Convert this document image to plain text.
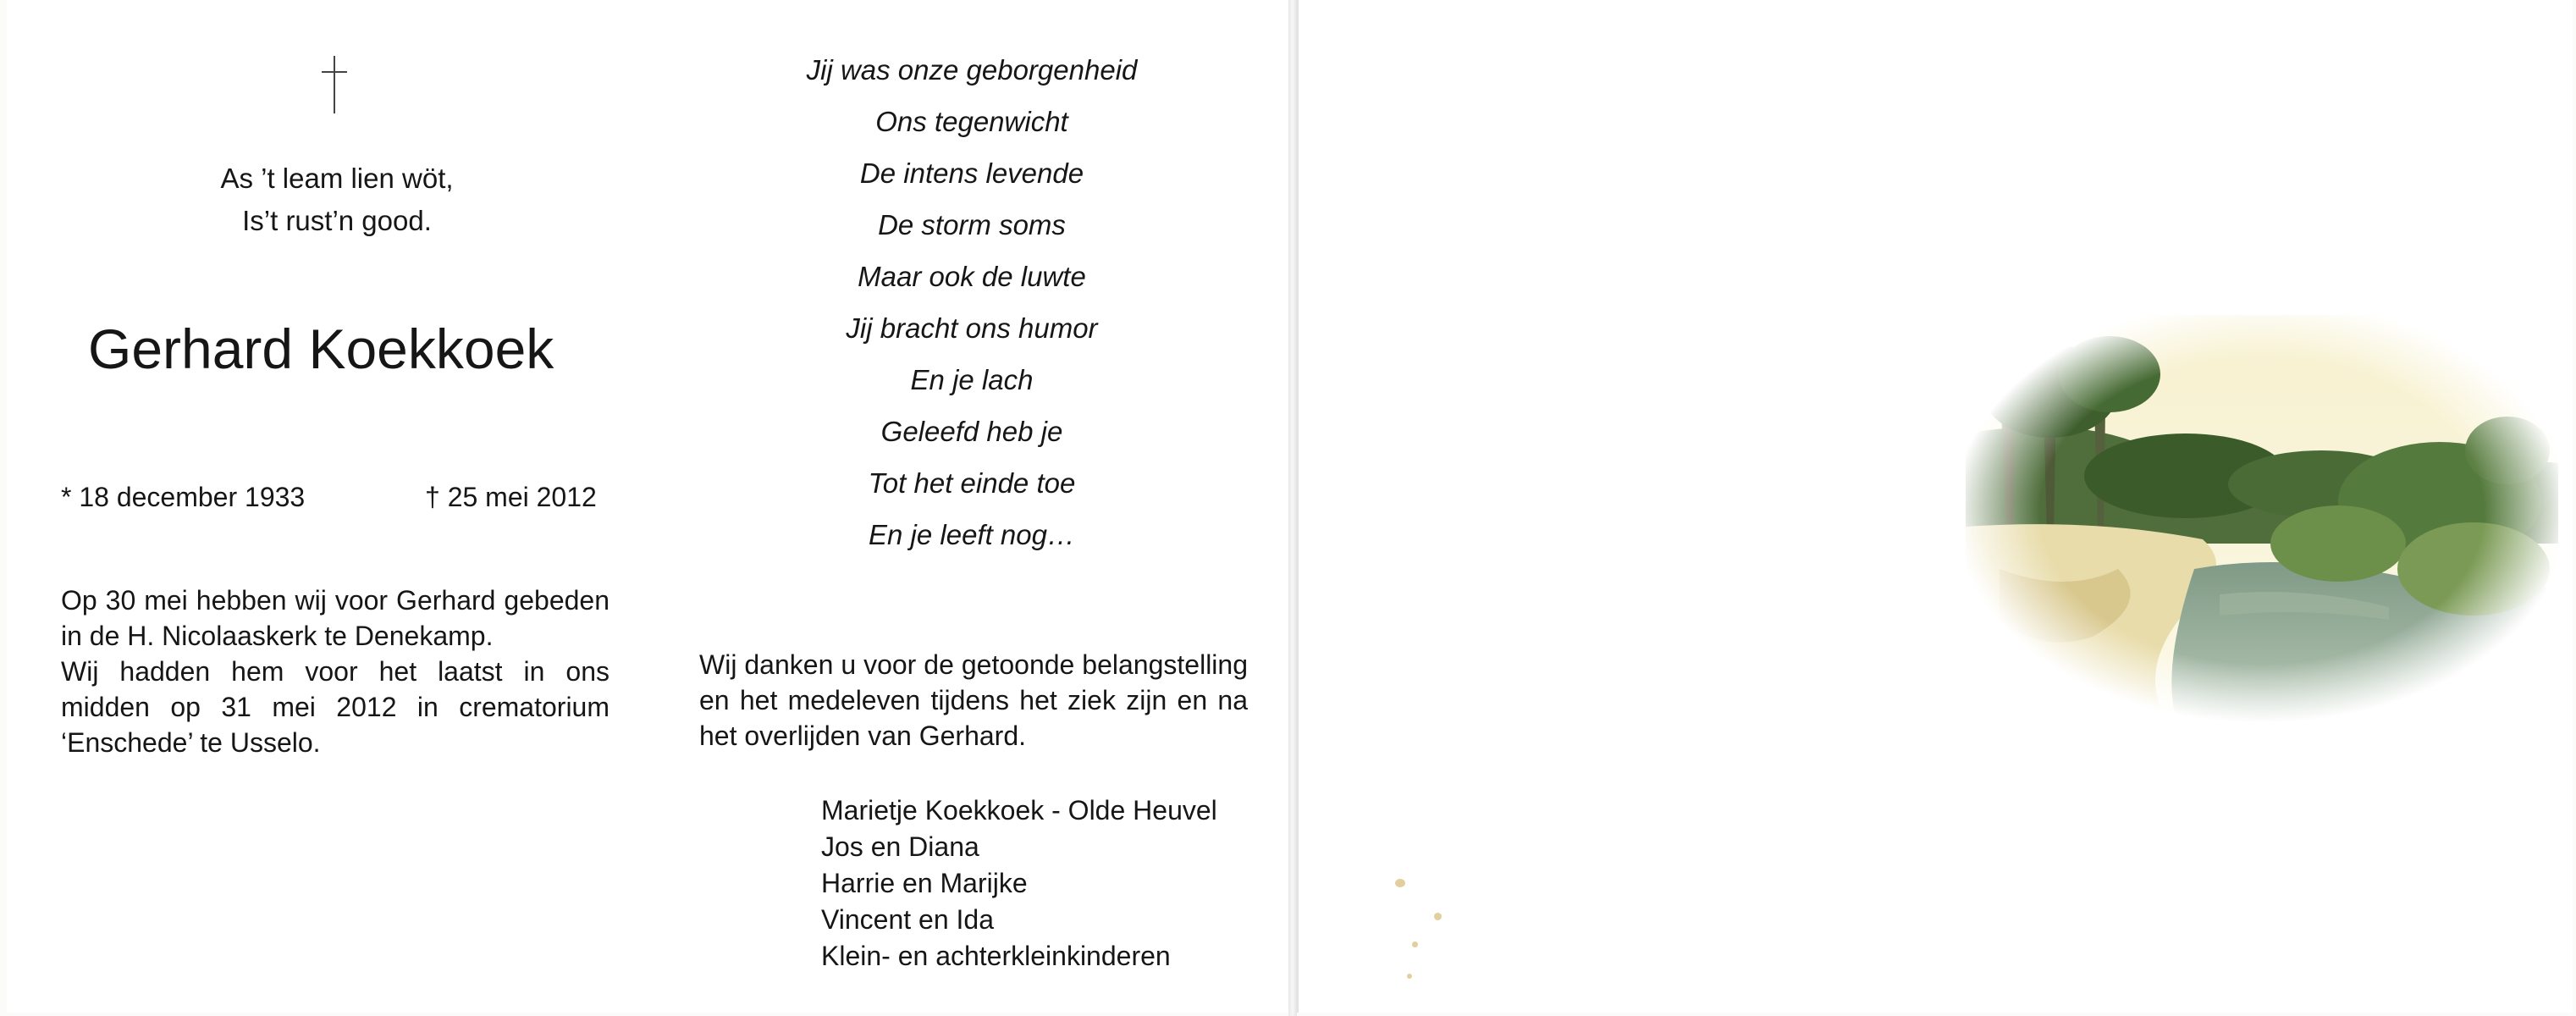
As ’t leam lien wöt,
Is’t rust’n good.
Gerhard Koekkoek
* 18 december 1933	† 25 mei 2012

Op 30 mei hebben wij voor Gerhard gebeden in de H. Nicolaaskerk te Denekamp.

Wij hadden hem voor het laatst in ons midden op 31 mei 2012 in crematorium ‘Enschede’ te Usselo.

Jij was onze geborgenheid
Ons tegenwicht
De intens levende
De storm soms
Maar ook de luwte
Jij bracht ons humor
En je lach
Geleefd heb je
Tot het einde toe
En je leeft nog…
Wij danken u voor de getoonde belangstelling en het medeleven tijdens het ziek zijn en na het overlijden van Gerhard.
Marietje Koekkoek - Olde Heuvel
Jos en Diana
Harrie en Marijke
Vincent en Ida
Klein- en achterkleinkinderen
